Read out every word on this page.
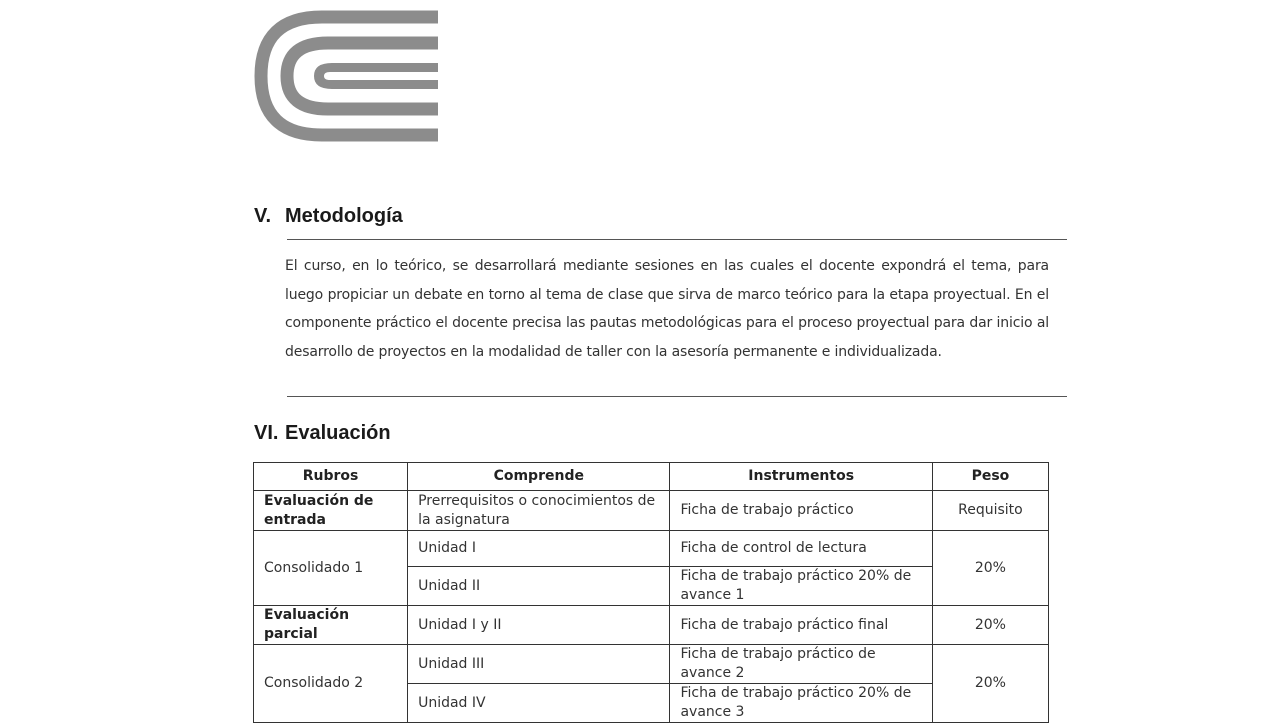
V. Metodología
El curso, en lo teórico, se desarrollará mediante sesiones en las cuales el docente expondrá el tema, para luego propiciar un debate en torno al tema de clase que sirva de marco teórico para la etapa proyectual. En el componente práctico el docente precisa las pautas metodológicas para el proceso proyectual para dar inicio al desarrollo de proyectos en la modalidad de taller con la asesoría permanente e individualizada.
VI. Evaluación
Rubros	Comprende	Instrumentos	Peso
Evaluación de entrada	Prerrequisitos o conocimientos de la asignatura	Ficha de trabajo práctico	Requisito
Consolidado 1	Unidad I	Ficha de control de lectura	20%
	Unidad II	Ficha de trabajo práctico 20% de avance 1	
Evaluación parcial	Unidad I y II	Ficha de trabajo práctico final	20%
Consolidado 2	Unidad III	Ficha de trabajo práctico de avance 2	20%
	Unidad IV	Ficha de trabajo práctico 20% de avance 3	
